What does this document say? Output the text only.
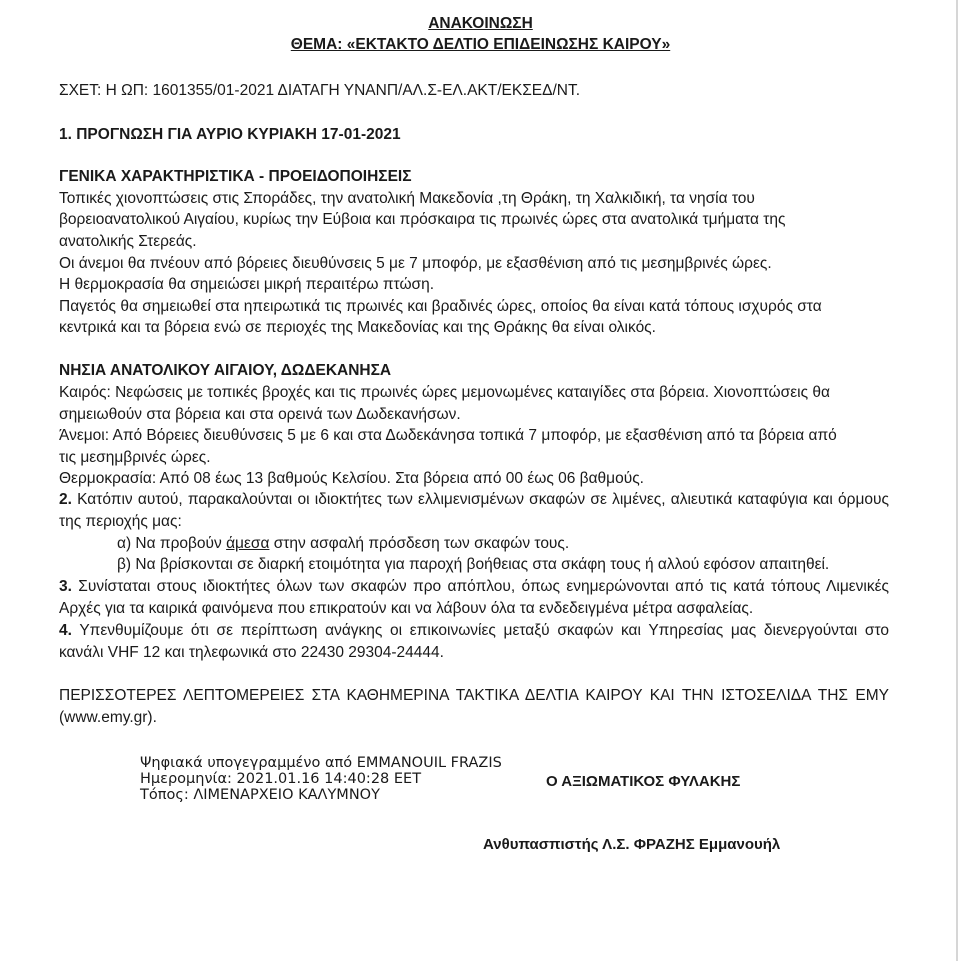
ΑΝΑΚΟΙΝΩΣΗ
ΘΕΜΑ: «ΕΚΤΑΚΤΟ ΔΕΛΤΙΟ ΕΠΙΔΕΙΝΩΣΗΣ ΚΑΙΡΟΥ»
ΣΧΕΤ: Η ΩΠ: 1601355/01-2021 ΔΙΑΤΑΓΗ ΥΝΑΝΠ/ΑΛ.Σ-ΕΛ.ΑΚΤ/ΕΚΣΕΔ/ΝΤ.
1. ΠΡΟΓΝΩΣΗ ΓΙΑ ΑΥΡΙΟ ΚΥΡΙΑΚΗ 17-01-2021
ΓΕΝΙΚΑ ΧΑΡΑΚΤΗΡΙΣΤΙΚΑ - ΠΡΟΕΙΔΟΠΟΙΗΣΕΙΣ
Τοπικές χιονοπτώσεις στις Σποράδες, την ανατολική Μακεδονία ,τη Θράκη, τη Χαλκιδική, τα νησία του
βορειοανατολικού Αιγαίου, κυρίως την Εύβοια και πρόσκαιρα τις πρωινές ώρες στα ανατολικά τμήματα της
ανατολικής Στερεάς.
Οι άνεμοι θα πνέουν από βόρειες διευθύνσεις 5 με 7 μποφόρ, με εξασθένιση από τις μεσημβρινές ώρες.
Η θερμοκρασία θα σημειώσει μικρή περαιτέρω πτώση.
Παγετός θα σημειωθεί στα ηπειρωτικά τις πρωινές και βραδινές ώρες, οποίος θα είναι κατά τόπους ισχυρός στα
κεντρικά και τα βόρεια ενώ σε περιοχές της Μακεδονίας και της Θράκης θα είναι ολικός.
ΝΗΣΙΑ ΑΝΑΤΟΛΙΚΟΥ ΑΙΓΑΙΟΥ, ΔΩΔΕΚΑΝΗΣΑ
Καιρός: Νεφώσεις με τοπικές βροχές και τις πρωινές ώρες μεμονωμένες καταιγίδες στα βόρεια. Χιονοπτώσεις θα
σημειωθούν στα βόρεια και στα ορεινά των Δωδεκανήσων.
Άνεμοι: Από Βόρειες διευθύνσεις 5 με 6 και στα Δωδεκάνησα τοπικά 7 μποφόρ, με εξασθένιση από τα βόρεια από
τις μεσημβρινές ώρες.
Θερμοκρασία: Από 08 έως 13 βαθμούς Κελσίου. Στα βόρεια από 00 έως 06 βαθμούς.
2. Κατόπιν αυτού, παρακαλούνται οι ιδιοκτήτες των ελλιμενισμένων σκαφών σε λιμένες, αλιευτικά καταφύγια και όρμους της περιοχής μας:
α) Να προβούν άμεσα στην ασφαλή πρόσδεση των σκαφών τους.
β) Να βρίσκονται σε διαρκή ετοιμότητα για παροχή βοήθειας στα σκάφη τους ή αλλού εφόσον απαιτηθεί.
3. Συνίσταται στους ιδιοκτήτες όλων των σκαφών προ απόπλου, όπως ενημερώνονται από τις κατά τόπους Λιμενικές Αρχές για τα καιρικά φαινόμενα που επικρατούν και να λάβουν όλα τα ενδεδειγμένα μέτρα ασφαλείας.
4. Υπενθυμίζουμε ότι σε περίπτωση ανάγκης οι επικοινωνίες μεταξύ σκαφών και Υπηρεσίας μας διενεργούνται στο κανάλι VHF 12 και τηλεφωνικά στο 22430 29304-24444.
ΠΕΡΙΣΣΟΤΕΡΕΣ ΛΕΠΤΟΜΕΡΕΙΕΣ ΣΤΑ ΚΑΘΗΜΕΡΙΝΑ ΤΑΚΤΙΚΑ ΔΕΛΤΙΑ ΚΑΙΡΟΥ ΚΑΙ ΤΗΝ ΙΣΤΟΣΕΛΙΔΑ ΤΗΣ ΕΜΥ (www.emy.gr).
Ψηφιακά υπογεγραμμένο από EMMANOUIL FRAZIS
Ημερομηνία: 2021.01.16 14:40:28 EET
Τόπος: ΛΙΜΕΝΑΡΧΕΙΟ ΚΑΛΥΜΝΟΥ
Ο ΑΞΙΩΜΑΤΙΚΟΣ ΦΥΛΑΚΗΣ
Ανθυπασπιστής Λ.Σ. ΦΡΑΖΗΣ Εμμανουήλ
